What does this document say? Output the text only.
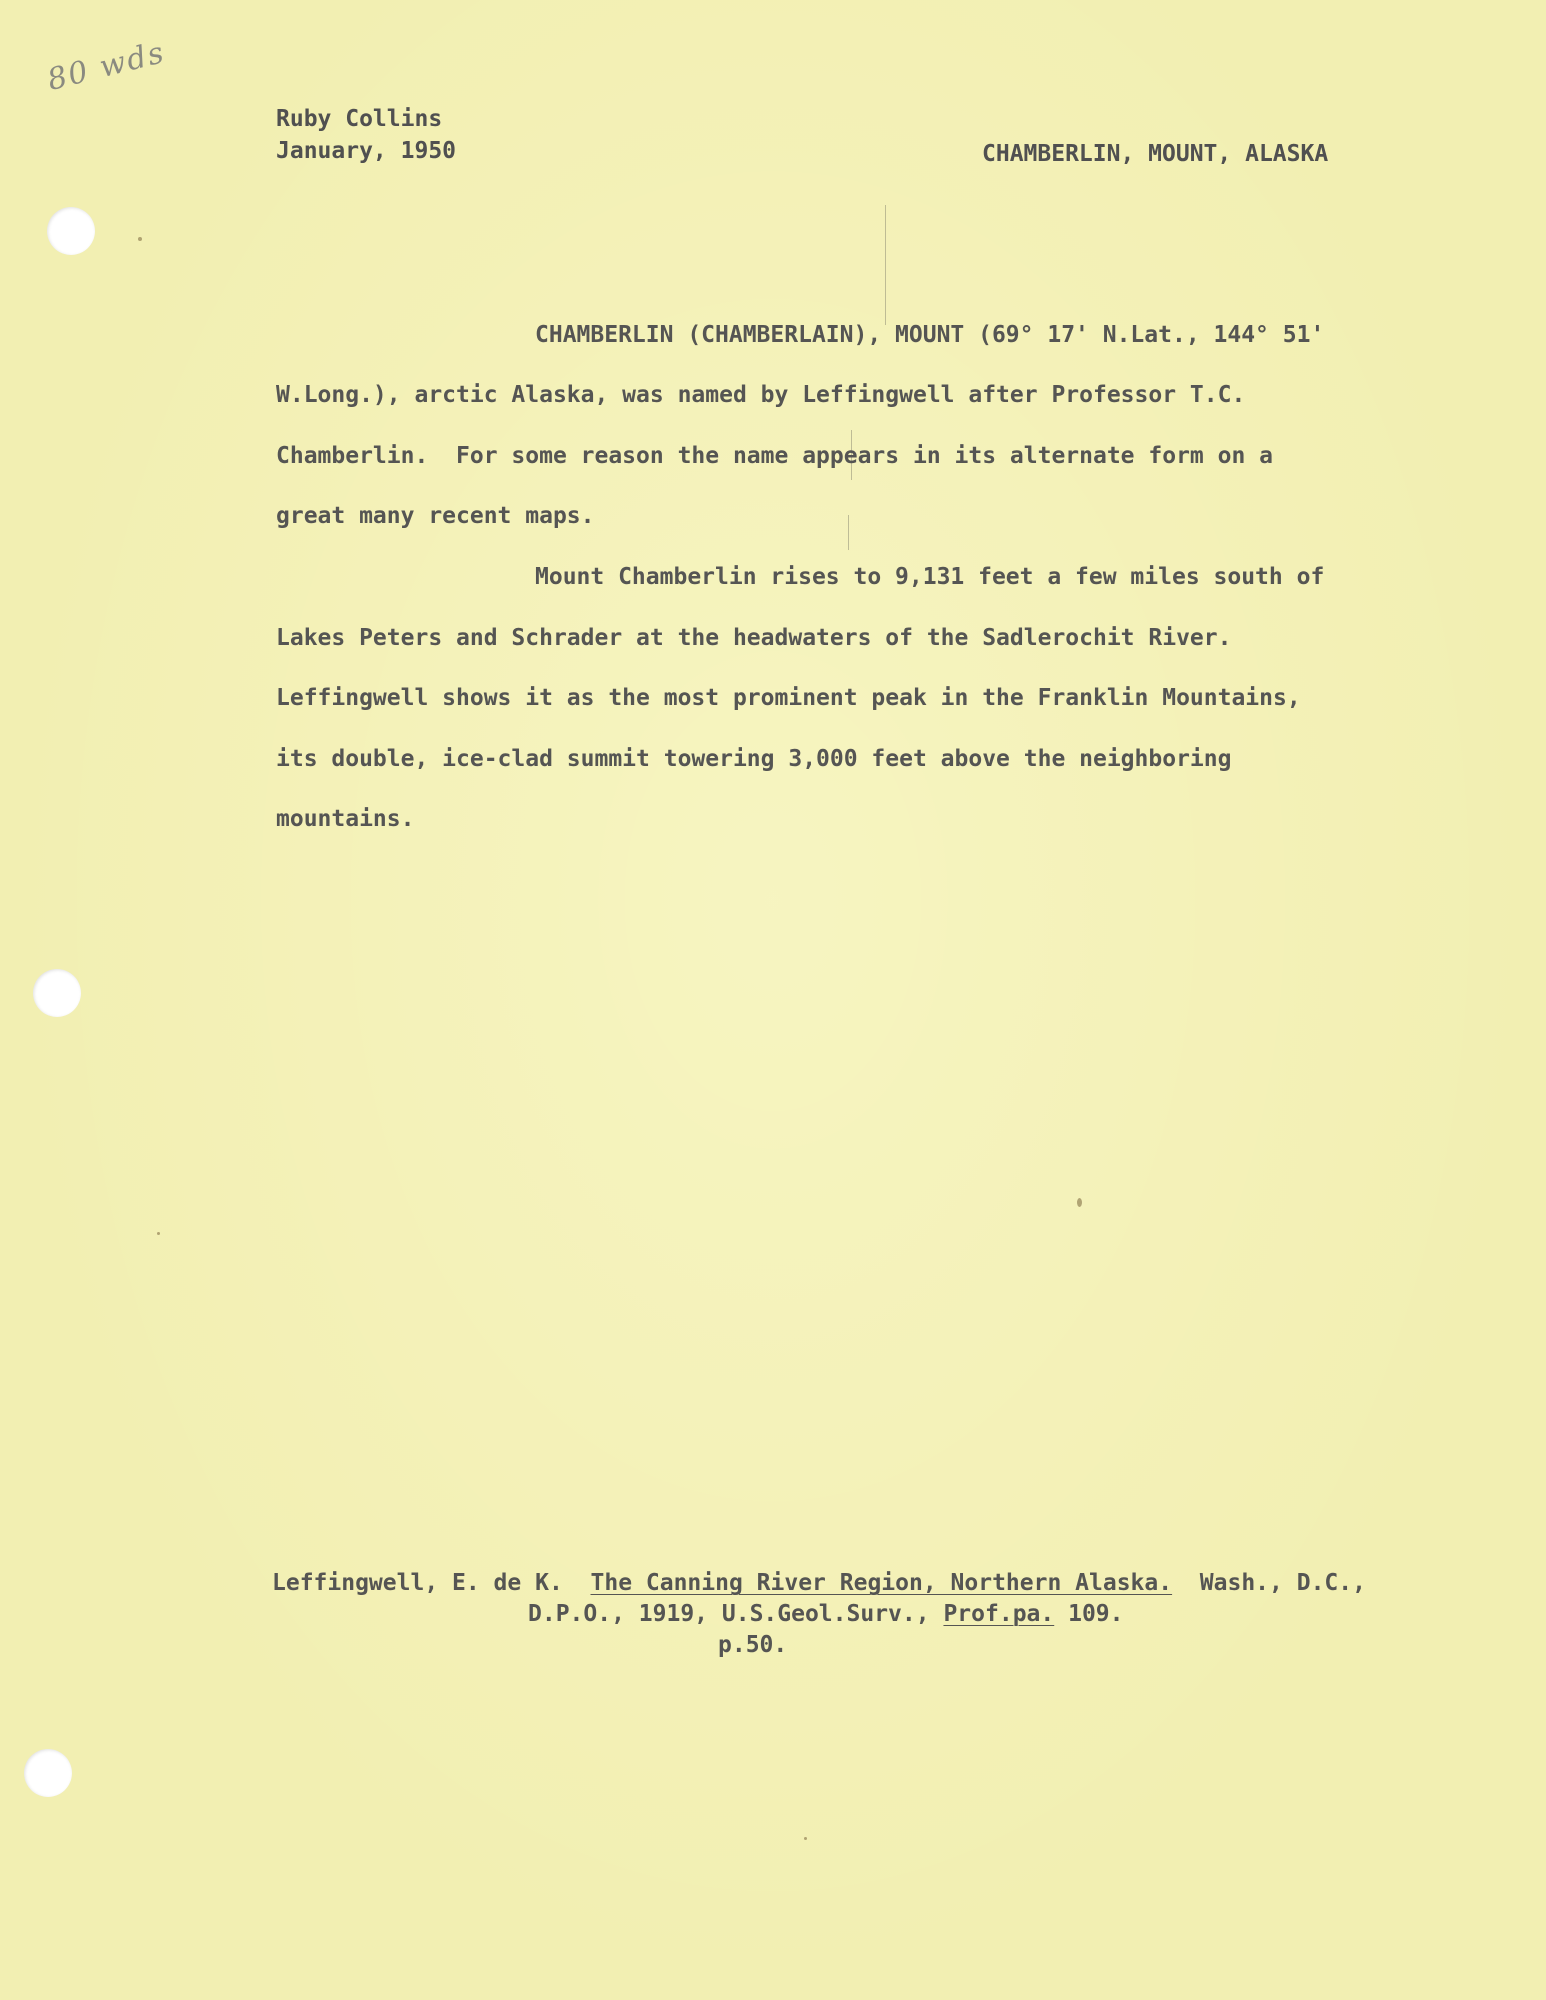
80 wds
Ruby Collins
January, 1950	CHAMBERLIN, MOUNT, ALASKA
CHAMBERLIN (CHAMBERLAIN), MOUNT (69° 17' N.Lat., 144° 51'
W.Long.), arctic Alaska, was named by Leffingwell after Professor T.C.
Chamberlin.  For some reason the name appears in its alternate form on a
great many recent maps.
Mount Chamberlin rises to 9,131 feet a few miles south of
Lakes Peters and Schrader at the headwaters of the Sadlerochit River.
Leffingwell shows it as the most prominent peak in the Franklin Mountains,
its double, ice-clad summit towering 3,000 feet above the neighboring
mountains.
Leffingwell, E. de K. The Canning River Region, Northern Alaska. Wash., D.C.,
D.P.O., 1919, U.S.Geol.Surv., Prof.pa. 109.
p.50.
